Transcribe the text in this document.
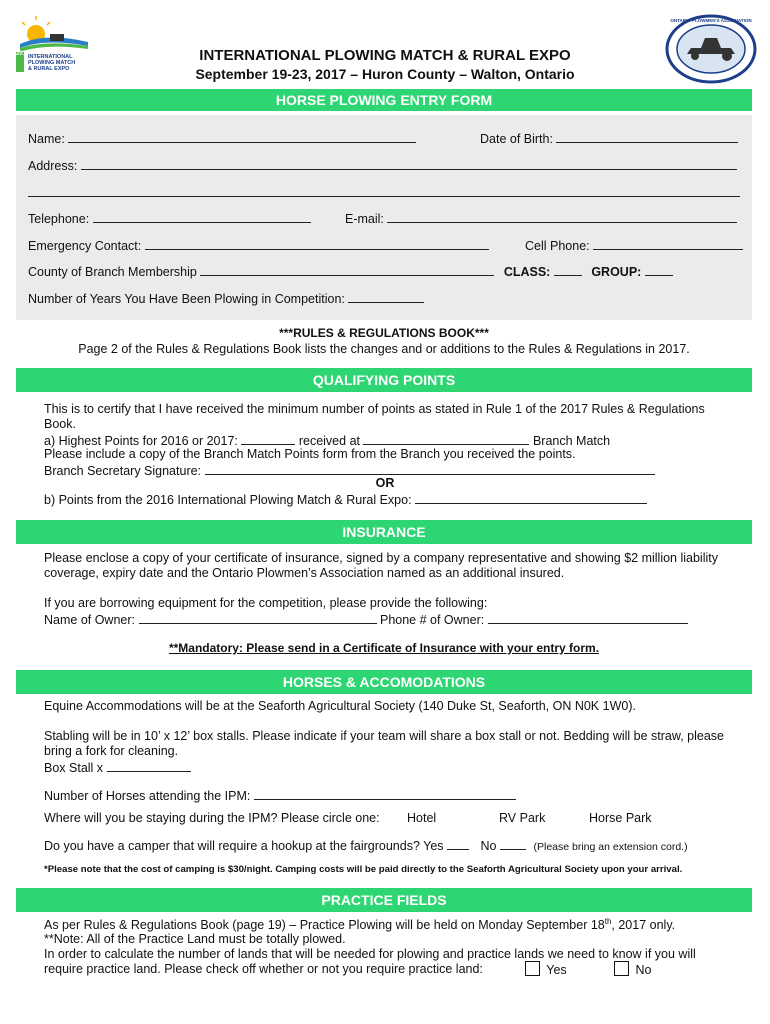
2017
INTERNATIONAL
PLOWING MATCH
& RURAL EXPO
ONTARIO PLOWMEN'S ASSOCIATION
INTERNATIONAL PLOWING MATCH & RURAL EXPO
September 19-23, 2017 – Huron County – Walton, Ontario
HORSE PLOWING ENTRY FORM
Name:	Date of Birth:
Address:
Telephone:	E-mail:
Emergency Contact:	Cell Phone:
County of Branch Membership	CLASS:	GROUP:
Number of Years You Have Been Plowing in Competition:
***RULES & REGULATIONS BOOK***
Page 2 of the Rules & Regulations Book lists the changes and or additions to the Rules & Regulations in 2017.
QUALIFYING POINTS
This is to certify that I have received the minimum number of points as stated in Rule 1 of the 2017 Rules & Regulations
Book.
a) Highest Points for 2016 or 2017:	received at	Branch Match
Please include a copy of the Branch Match Points form from the Branch you received the points.
Branch Secretary Signature:
OR
b) Points from the 2016 International Plowing Match & Rural Expo:
INSURANCE
Please enclose a copy of your certificate of insurance, signed by a company representative and showing $2 million liability
coverage, expiry date and the Ontario Plowmen’s Association named as an additional insured.
If you are borrowing equipment for the competition, please provide the following:
Name of Owner:	Phone # of Owner:
**Mandatory: Please send in a Certificate of Insurance with your entry form.
HORSES & ACCOMODATIONS
Equine Accommodations will be at the Seaforth Agricultural Society (140 Duke St, Seaforth, ON N0K 1W0).
Stabling will be in 10’ x 12’ box stalls. Please indicate if your team will share a box stall or not. Bedding will be straw, please
bring a fork for cleaning.
Box Stall x
Number of Horses attending the IPM:
Where will you be staying during the IPM? Please circle one: Hotel	RV Park	Horse Park
Do you have a camper that will require a hookup at the fairgrounds? Yes	No	(Please bring an extension cord.)
*Please note that the cost of camping is $30/night. Camping costs will be paid directly to the Seaforth Agricultural Society upon your arrival.
PRACTICE FIELDS
As per Rules & Regulations Book (page 19) – Practice Plowing will be held on Monday September 18th, 2017 only.
**Note: All of the Practice Land must be totally plowed.
In order to calculate the number of lands that will be needed for plowing and practice lands we need to know if you will
require practice land. Please check off whether or not you require practice land:	Yes	No
